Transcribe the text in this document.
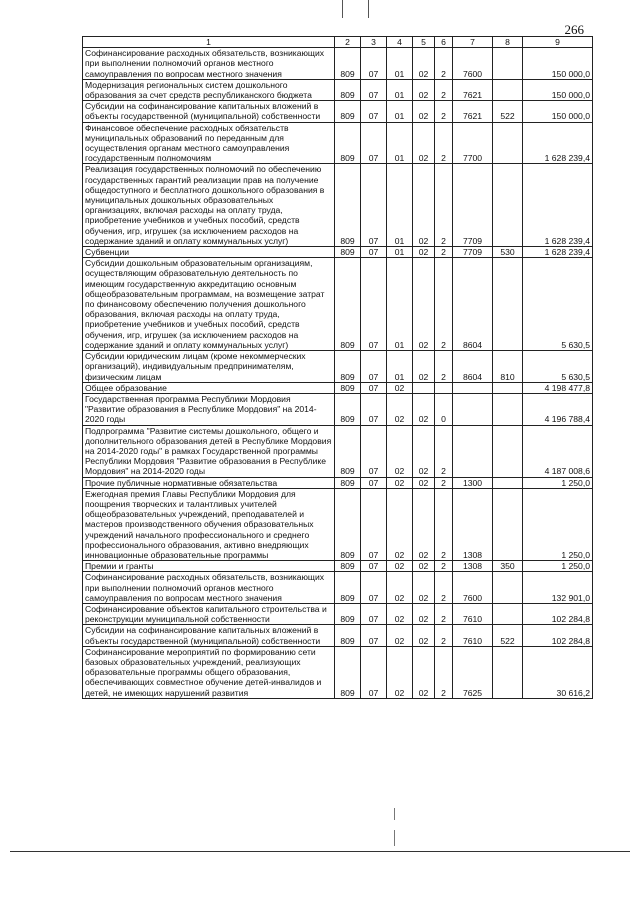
266
1	2	3	4	5	6	7	8	9
Софинансирование расходных обязательств, возникающих при выполнении полномочий органов местного самоуправления по вопросам местного значения	809	07	01	02	2	7600		150 000,0
Модернизация региональных систем дошкольного образования за счет средств республиканского бюджета	809	07	01	02	2	7621		150 000,0
Субсидии на софинансирование капитальных вложений в объекты государственной (муниципальной) собственности	809	07	01	02	2	7621	522	150 000,0
Финансовое обеспечение расходных обязательств муниципальных образований по переданным для осуществления органам местного самоуправления государственным полномочиям	809	07	01	02	2	7700		1 628 239,4
Реализация государственных полномочий по обеспечению государственных гарантий реализации прав на получение общедоступного и бесплатного дошкольного образования в муниципальных дошкольных образовательных организациях, включая расходы на оплату труда, приобретение учебников и учебных пособий, средств обучения, игр, игрушек (за исключением расходов на содержание зданий и оплату коммунальных услуг)	809	07	01	02	2	7709		1 628 239,4
Субвенции	809	07	01	02	2	7709	530	1 628 239,4
Субсидии дошкольным образовательным организациям, осуществляющим образовательную деятельность по имеющим государственную аккредитацию основным общеобразовательным программам, на возмещение затрат по финансовому обеспечению получения дошкольного образования, включая расходы на оплату труда, приобретение учебников и учебных пособий, средств обучения, игр, игрушек (за исключением расходов на содержание зданий и оплату коммунальных услуг)	809	07	01	02	2	8604		5 630,5
Субсидии юридическим лицам (кроме некоммерческих организаций), индивидуальным предпринимателям, физическим лицам	809	07	01	02	2	8604	810	5 630,5
Общее образование	809	07	02					4 198 477,8
Государственная программа Республики Мордовия "Развитие образования в Республике Мордовия" на 2014-2020 годы	809	07	02	02	0			4 196 788,4
Подпрограмма "Развитие системы дошкольного, общего и дополнительного образования детей в Республике Мордовия на 2014-2020 годы" в рамках Государственной программы Республики Мордовия "Развитие образования в Республике Мордовия" на 2014-2020 годы	809	07	02	02	2			4 187 008,6
Прочие публичные нормативные обязательства	809	07	02	02	2	1300		1 250,0
Ежегодная премия Главы Республики Мордовия для поощрения творческих и талантливых учителей общеобразовательных учреждений, преподавателей и мастеров производственного обучения образовательных учреждений начального профессионального и среднего профессионального образования, активно внедряющих инновационные образовательные программы	809	07	02	02	2	1308		1 250,0
Премии и гранты	809	07	02	02	2	1308	350	1 250,0
Софинансирование расходных обязательств, возникающих при выполнении полномочий органов местного самоуправления по вопросам местного значения	809	07	02	02	2	7600		132 901,0
Софинансирование объектов капитального строительства и реконструкции муниципальной собственности	809	07	02	02	2	7610		102 284,8
Субсидии на софинансирование капитальных вложений в объекты государственной (муниципальной) собственности	809	07	02	02	2	7610	522	102 284,8
Софинансирование мероприятий по формированию сети базовых образовательных учреждений, реализующих образовательные программы общего образования, обеспечивающих совместное обучение детей-инвалидов и детей, не имеющих нарушений развития	809	07	02	02	2	7625		30 616,2
